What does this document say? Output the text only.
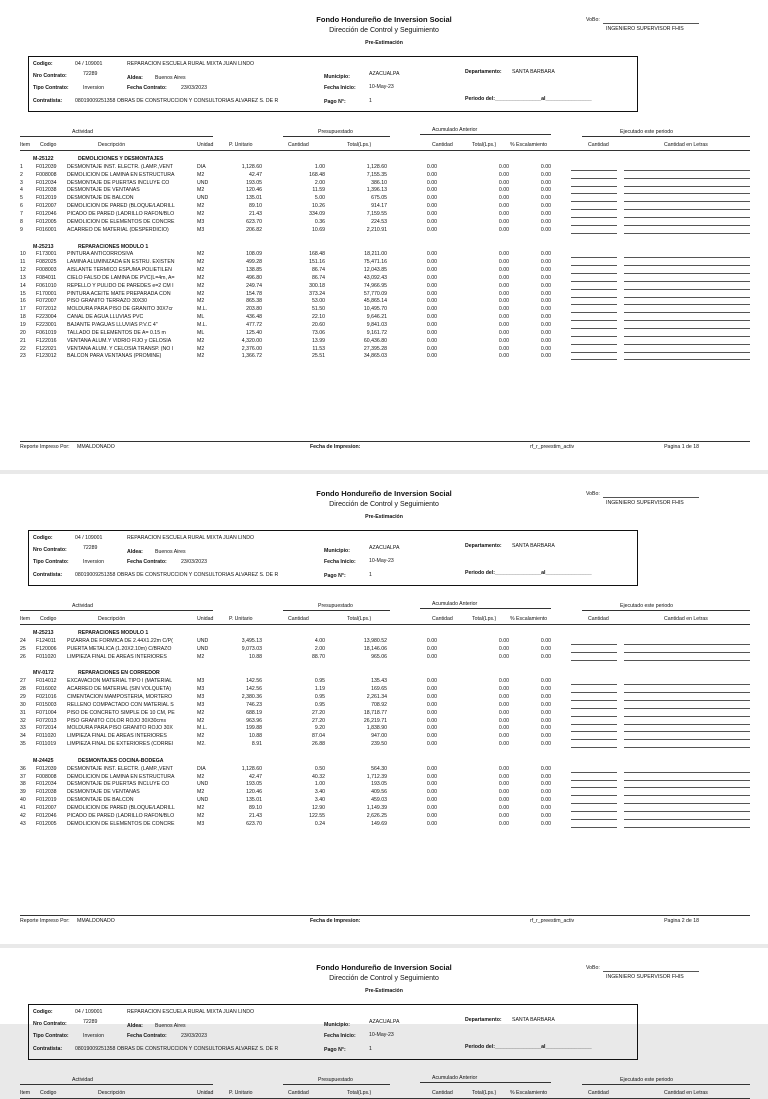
Fondo Hondureño de Inversion Social
Dirección de Control y Seguimiento
Pre-Estimación
VoBo:
INGENIERO SUPERVISOR FHIS
Codigo:	04 / 109001	REPARACION ESCUELA RURAL MIXTA JUAN LINDO
Nro Contrato:	72289
Aldea: Buenos Aires	Municipio:	AZACUALPA	Departamento: SANTA BARBARA
Tipo Contrato:	Inversion	Fecha Contrato:	23/03/2023	Fecha Inicio:	10-May-23
Contratista: 08019009251358 OBRAS DE CONSTRUCCION Y CONSULTORIAS ALVAREZ S. DE R	Pago N°:	1	Periodo del:________________al________________
Actividad	Presupuestado	Acumulado Anterior	Ejecutado este periodo
Item Codigo	Descripción	Unidad	P. Unitario	Cantidad	Total(Lps.)	Cantidad	Total(Lps.)	% Escalamiento	Cantidad	Cantidad en Letras
M-25122	DEMOLICIONES Y DESMONTAJES
1	F012039 DESMONTAJE INST. ELECTR. (LAMP.,VENT	DIA	1,128.60	1.00	1,128.60	0.00	0.00	0.00
2	F008008 DEMOLICION DE LAMINA EN ESTRUCTURA	M2	42.47	168.48	7,155.35	0.00	0.00	0.00
3	F012034 DESMONTAJE DE PUERTAS INCLUYE CO	UND	193.05	2.00	386.10	0.00	0.00	0.00
4	F012038 DESMONTAJE DE VENTANAS	M2	120.46	11.59	1,396.13	0.00	0.00	0.00
5	F012019 DESMONTAJE DE BALCON	UND	135.01	5.00	675.05	0.00	0.00	0.00
6	F012007 DEMOLICION DE PARED (BLOQUE/LADRILL	M2	89.10	10.26	914.17	0.00	0.00	0.00
7	F012046 PICADO DE PARED (LADRILLO RAFON/BLO	M2	21.43	334.09	7,159.55	0.00	0.00	0.00
8	F012005 DEMOLICION DE ELEMENTOS DE CONCRE	M3	623.70	0.36	224.53	0.00	0.00	0.00
9	F016001 ACARREO DE MATERIAL (DESPERDICIO)	M3	206.82	10.69	2,210.91	0.00	0.00	0.00
M-25213	REPARACIONES MODULO 1
10 F173001 PINTURA ANTICORROSIVA	M2	108.09	168.48	18,211.00	0.00	0.00	0.00
11 F082025 LAMINA ALUMINIZADA EN ESTRU. EXISTEN	M2	499.28	151.16	75,471.16	0.00	0.00	0.00
12 F008003 AISLANTE TERMICO ESPUMA POLIETILEN	M2	138.85	86.74	12,043.85	0.00	0.00	0.00
13 F084011 CIELO FALSO DE LAMINA DE PVC(L=4m, A=	M2	496.80	86.74	43,092.43	0.00	0.00	0.00
14 F061010 REPELLO Y PULIDO DE PAREDES e=2 CM I	M2	249.74	300.18	74,966.95	0.00	0.00	0.00
15 F170001 PINTURA ACEITE MATE PREPARADA CON	M2	154.78	373.24	57,770.09	0.00	0.00	0.00
16 F072007 PISO GRANITO TERRAZO 30X30	M2	865.38	53.00	45,865.14	0.00	0.00	0.00
17 F072012 MOLDURA PARA PISO DE GRANITO 30X7cr	M.L.	203.80	51.50	10,495.70	0.00	0.00	0.00
18 F223004 CANAL DE AGUA LLUVIAS PVC	ML	436.48	22.10	9,646.21	0.00	0.00	0.00
19 F223001 BAJANTE P/AGUAS LLUVIAS P.V.C 4"	M.L.	477.72	20.60	9,841.03	0.00	0.00	0.00
20 F061019 TALLADO DE ELEMENTOS DE A= 0.15 m	ML	125.40	73.06	9,161.72	0.00	0.00	0.00
21 F122016 VENTANA ALUM.Y VIDRIO FIJO y CELOSIA	M2	4,320.00	13.99	60,436.80	0.00	0.00	0.00
22 F122021 VENTANA ALUM. Y CELOSIA TRANSP. (NO I	M2	2,376.00	11.53	27,395.28	0.00	0.00	0.00
23 F123012 BALCON PARA VENTANAS (PROMINE)	M2	1,366.72	25.51	34,865.03	0.00	0.00	0.00
Reporte Impreso Por: MMALDONADO	Fecha de Impresion:	rf_r_preestim_activ	Pagina 1 de 18
Fondo Hondureño de Inversion Social
Dirección de Control y Seguimiento
Pre-Estimación
VoBo:
INGENIERO SUPERVISOR FHIS
Codigo:	04 / 109001	REPARACION ESCUELA RURAL MIXTA JUAN LINDO
Nro Contrato:	72289
Aldea: Buenos Aires	Municipio:	AZACUALPA	Departamento: SANTA BARBARA
Tipo Contrato:	Inversion	Fecha Contrato:	23/03/2023	Fecha Inicio:	10-May-23
Contratista: 08019009251358 OBRAS DE CONSTRUCCION Y CONSULTORIAS ALVAREZ S. DE R	Pago N°:	1	Periodo del:________________al________________
Actividad	Presupuestado	Acumulado Anterior	Ejecutado este periodo
Item Codigo	Descripción	Unidad	P. Unitario	Cantidad	Total(Lps.)	Cantidad	Total(Lps.)	% Escalamiento	Cantidad	Cantidad en Letras
M-25213	REPARACIONES MODULO 1
24 F124011 PIZARRA DE FORMICA DE 2.44X1.22m C/P(	UND	3,495.13	4.00	13,980.52	0.00	0.00	0.00
25 F120006 PUERTA METALICA (1.20X2.10m) C/BRAZO	UND	9,073.03	2.00	18,146.06	0.00	0.00	0.00
26 F011020 LIMPIEZA FINAL DE AREAS INTERIORES	M2	10.88	88.70	965.06	0.00	0.00	0.00
MV-0172	REPARACIONES EN CORREDOR
27 F014012 EXCAVACION MATERIAL TIPO I (MATERIAL	M3	142.56	0.95	135.43	0.00	0.00	0.00
28 F016002 ACARREO DE MATERIAL (SIN VOLQUETA)	M3	142.56	1.19	169.65	0.00	0.00	0.00
29 F021016 CIMENTACION MAMPOSTERIA, MORTERO	M3	2,380.36	0.95	2,261.34	0.00	0.00	0.00
30 F015003 RELLENO COMPACTADO CON MATERIAL S	M3	746.23	0.95	708.92	0.00	0.00	0.00
31 F071004 PISO DE CONCRETO SIMPLE DE 10 CM, PE	M2	688.19	27.20	18,718.77	0.00	0.00	0.00
32 F072013 PISO GRANITO COLOR ROJO 30X30cms	M2	963.96	27.20	26,219.71	0.00	0.00	0.00
33 F072014 MOLDURA PARA PISO GRANITO ROJO 30X	M.L.	199.88	9.20	1,838.90	0.00	0.00	0.00
34 F011020 LIMPIEZA FINAL DE AREAS INTERIORES	M2	10.88	87.04	947.00	0.00	0.00	0.00
35 F011019 LIMPIEZA FINAL DE EXTERIORES (CORREI	M2.	8.91	26.88	239.50	0.00	0.00	0.00
M-24425	DESMONTAJES COCINA-BODEGA
36 F012039 DESMONTAJE INST. ELECTR. (LAMP.,VENT	DIA	1,128.60	0.50	564.30	0.00	0.00	0.00
37 F008008 DEMOLICION DE LAMINA EN ESTRUCTURA	M2	42.47	40.32	1,712.39	0.00	0.00	0.00
38 F012034 DESMONTAJE DE PUERTAS INCLUYE CO	UND	193.05	1.00	193.05	0.00	0.00	0.00
39 F012038 DESMONTAJE DE VENTANAS	M2	120.46	3.40	409.56	0.00	0.00	0.00
40 F012019 DESMONTAJE DE BALCON	UND	135.01	3.40	459.03	0.00	0.00	0.00
41 F012007 DEMOLICION DE PARED (BLOQUE/LADRILL	M2	89.10	12.90	1,149.39	0.00	0.00	0.00
42 F012046 PICADO DE PARED (LADRILLO RAFON/BLO	M2	21.43	122.55	2,626.25	0.00	0.00	0.00
43 F012005 DEMOLICION DE ELEMENTOS DE CONCRE	M3	623.70	0.24	149.69	0.00	0.00	0.00
Reporte Impreso Por: MMALDONADO	Fecha de Impresion:	rf_r_preestim_activ	Pagina 2 de 18
Fondo Hondureño de Inversion Social
Dirección de Control y Seguimiento
Pre-Estimación
VoBo:
INGENIERO SUPERVISOR FHIS
Codigo:	04 / 109001	REPARACION ESCUELA RURAL MIXTA JUAN LINDO
Nro Contrato:	72289
Aldea: Buenos Aires	Municipio:	AZACUALPA	Departamento: SANTA BARBARA
Tipo Contrato:	Inversion	Fecha Contrato:	23/03/2023	Fecha Inicio:	10-May-23
Contratista: 08019009251358 OBRAS DE CONSTRUCCION Y CONSULTORIAS ALVAREZ S. DE R	Pago N°:	1	Periodo del:________________al________________
Actividad	Presupuestado	Acumulado Anterior	Ejecutado este periodo
Item Codigo	Descripción	Unidad	P. Unitario	Cantidad	Total(Lps.)	Cantidad	Total(Lps.)	% Escalamiento	Cantidad	Cantidad en Letras
